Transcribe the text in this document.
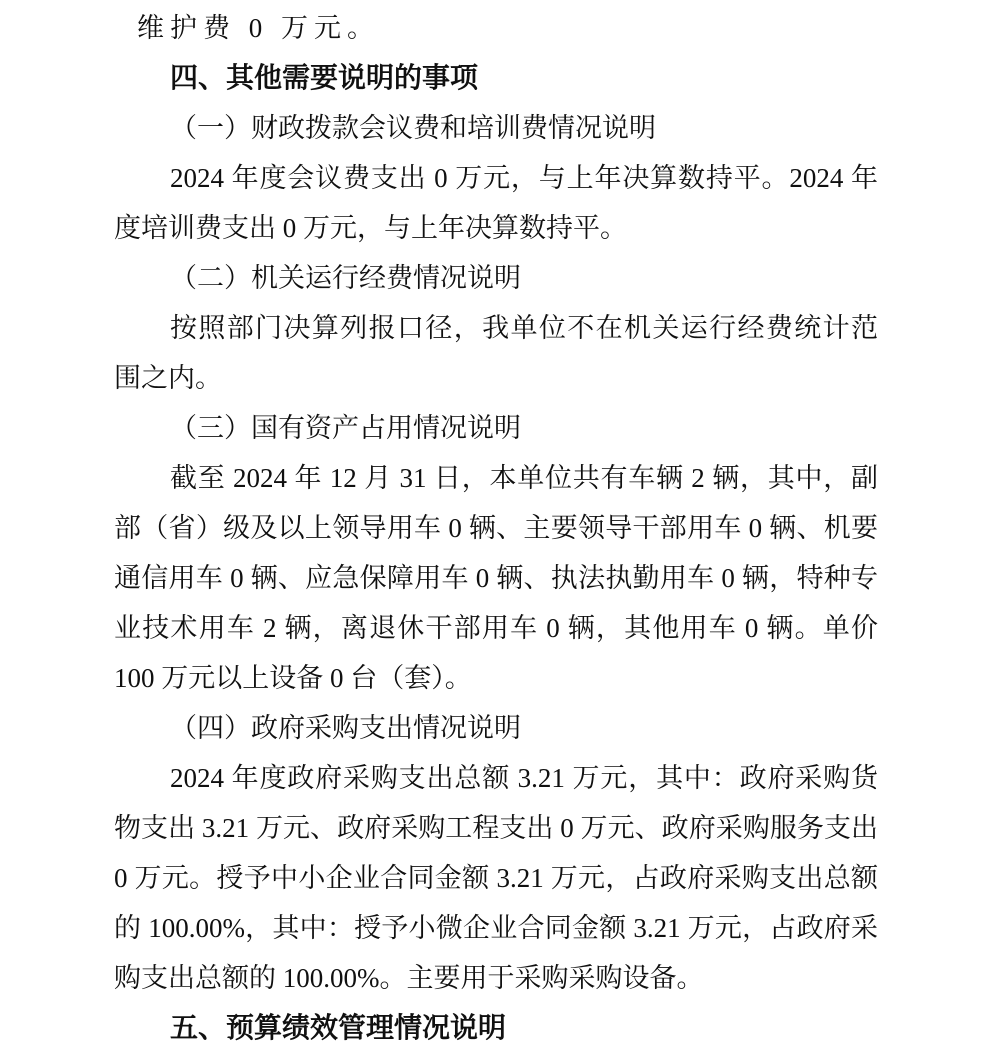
维护费 0 万元。
四、其他需要说明的事项
（一）财政拨款会议费和培训费情况说明
2024 年度会议费支出 0 万元，与上年决算数持平。2024 年
度培训费支出 0 万元，与上年决算数持平。
（二）机关运行经费情况说明
按照部门决算列报口径，我单位不在机关运行经费统计范
围之内。
（三）国有资产占用情况说明
截至 2024 年 12 月 31 日，本单位共有车辆 2 辆，其中，副
部（省）级及以上领导用车 0 辆、主要领导干部用车 0 辆、机要
通信用车 0 辆、应急保障用车 0 辆、执法执勤用车 0 辆，特种专
业技术用车 2 辆，离退休干部用车 0 辆，其他用车 0 辆。单价
100 万元以上设备 0 台（套）。
（四）政府采购支出情况说明
2024 年度政府采购支出总额 3.21 万元，其中：政府采购货
物支出 3.21 万元、政府采购工程支出 0 万元、政府采购服务支出
0 万元。授予中小企业合同金额 3.21 万元，占政府采购支出总额
的 100.00%，其中：授予小微企业合同金额 3.21 万元，占政府采
购支出总额的 100.00%。主要用于采购采购设备。
五、预算绩效管理情况说明
